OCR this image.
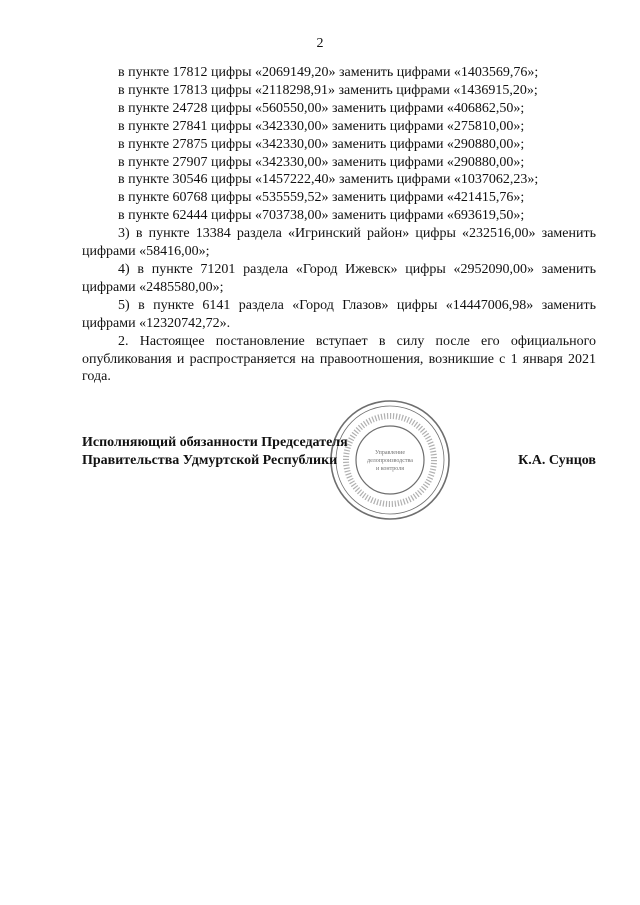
2
в пункте 17812 цифры «2069149,20» заменить цифрами «1403569,76»;
в пункте 17813 цифры «2118298,91» заменить цифрами «1436915,20»;
в пункте 24728 цифры «560550,00» заменить цифрами «406862,50»;
в пункте 27841 цифры «342330,00» заменить цифрами «275810,00»;
в пункте 27875 цифры «342330,00» заменить цифрами «290880,00»;
в пункте 27907 цифры «342330,00» заменить цифрами «290880,00»;
в пункте 30546 цифры «1457222,40» заменить цифрами «1037062,23»;
в пункте 60768 цифры «535559,52» заменить цифрами «421415,76»;
в пункте 62444 цифры «703738,00» заменить цифрами «693619,50»;
3) в пункте 13384 раздела «Игринский район» цифры «232516,00» заменить цифрами «58416,00»;
4) в пункте 71201 раздела «Город Ижевск» цифры «2952090,00» заменить цифрами «2485580,00»;
5) в пункте 6141 раздела «Город Глазов» цифры «14447006,98» заменить цифрами «12320742,72».
2. Настоящее постановление вступает в силу после его официального опубликования и распространяется на правоотношения, возникшие с 1 января 2021 года.
Управление
делопроизводства
и контроля
Исполняющий обязанности Председателя
Правительства Удмуртской Республики	К.А. Сунцов
